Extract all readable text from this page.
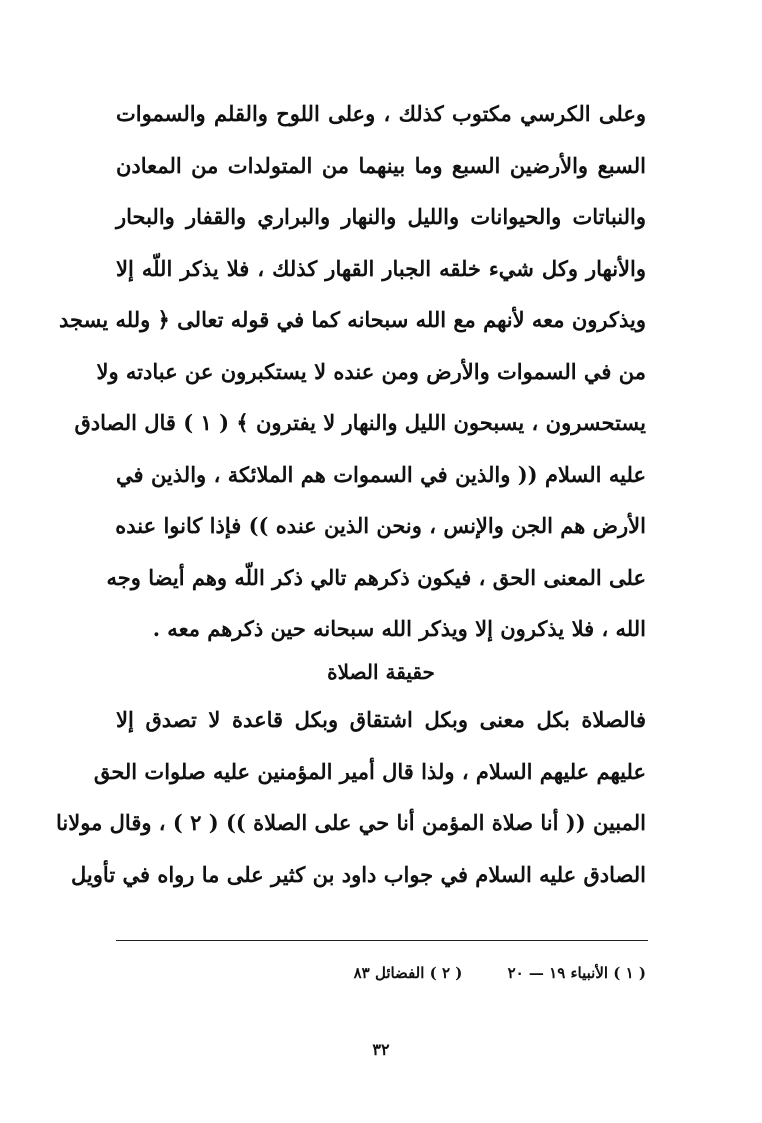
وعلى الكرسي مكتوب كذلك ، وعلى اللوح والقلم والسموات
السبع والأرضين السبع وما بينهما من المتولدات من المعادن
والنباتات والحيوانات والليل والنهار والبراري والقفار والبحار
والأنهار وكل شيء خلقه الجبار القهار كذلك ، فلا يذكر اللّه إلا
ويذكرون معه لأنهم مع الله سبحانه كما في قوله تعالى ﴿ ولله يسجد
من في السموات والأرض ومن عنده لا يستكبرون عن عبادته ولا
يستحسرون ، يسبحون الليل والنهار لا يفترون ﴾ ( ١ ) قال الصادق
عليه السلام (( والذين في السموات هم الملائكة ، والذين في
الأرض هم الجن والإنس ، ونحن الذين عنده )) فإذا كانوا عنده
على المعنى الحق ، فيكون ذكرهم تالي ذكر اللّه وهم أيضا وجه
الله ، فلا يذكرون إلا ويذكر الله سبحانه حين ذكرهم معه .
حقيقة الصلاة
فالصلاة بكل معنى وبكل اشتقاق وبكل قاعدة لا تصدق إلا
عليهم عليهم السلام ، ولذا قال أمير المؤمنين عليه صلوات الحق
المبين (( أنا صلاة المؤمن أنا حي على الصلاة )) ( ٢ ) ، وقال مولانا
الصادق عليه السلام في جواب داود بن كثير على ما رواه في تأويل
( ١ ) الأنبياء ١٩ — ٢٠ ( ٢ ) الفضائل ٨٣
٣٢
